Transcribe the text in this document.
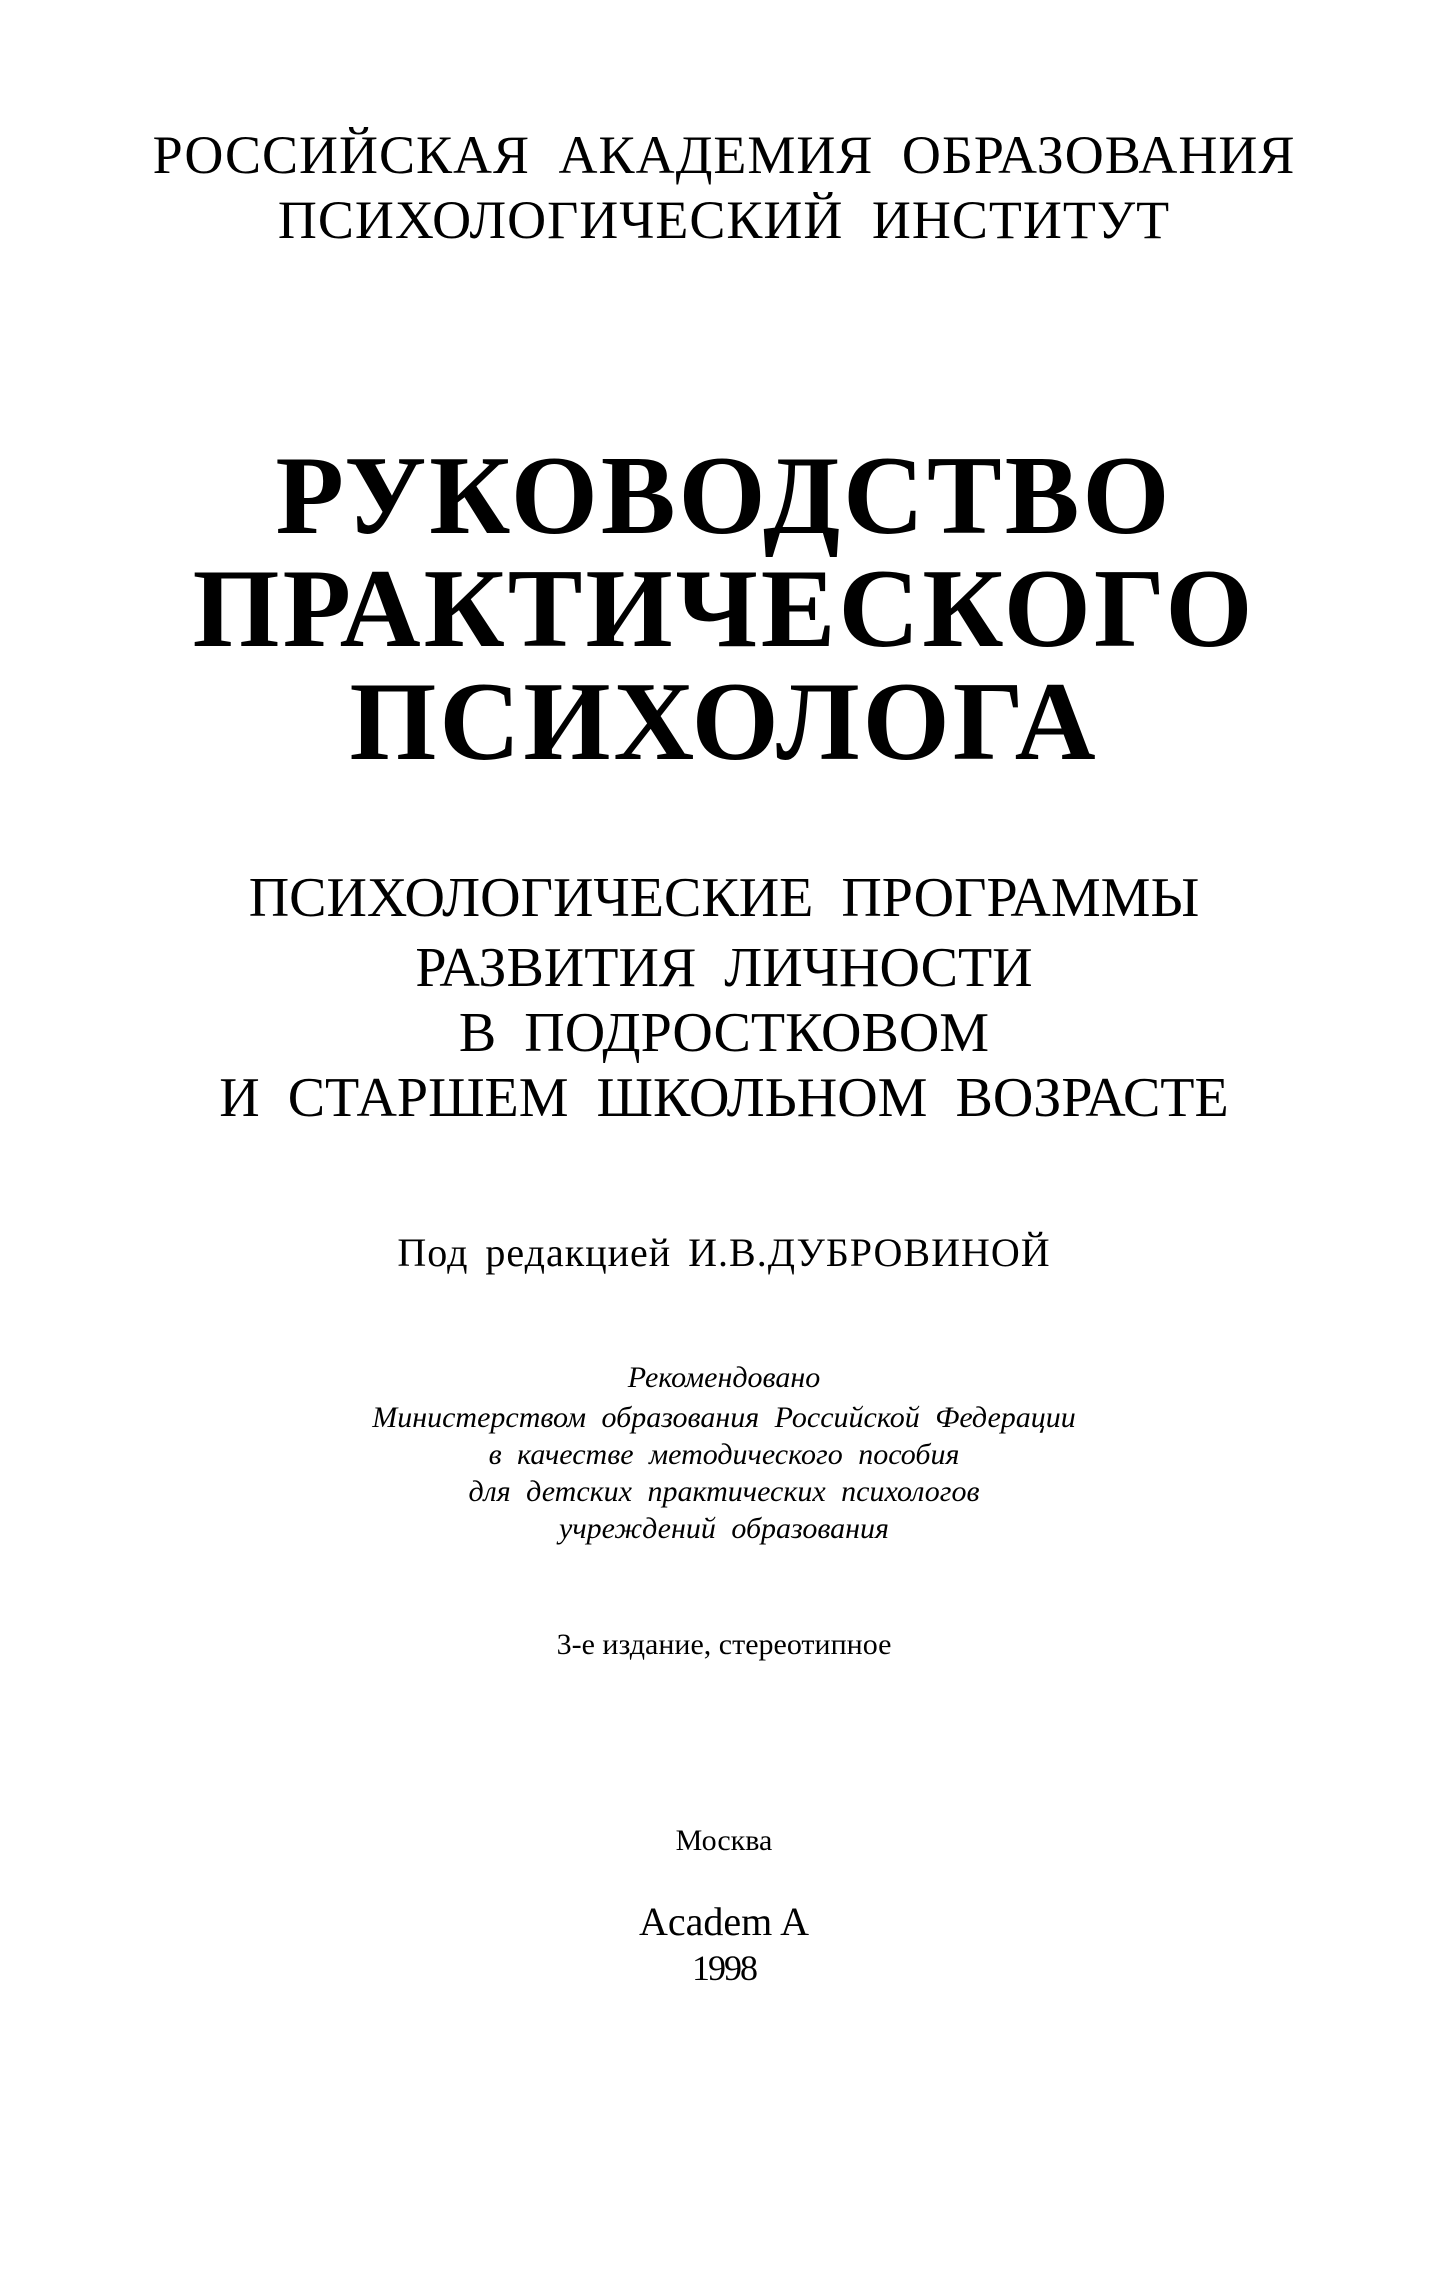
РОССИЙСКАЯ АКАДЕМИЯ ОБРАЗОВАНИЯ
ПСИХОЛОГИЧЕСКИЙ ИНСТИТУТ
РУКОВОДСТВО
ПРАКТИЧЕСКОГО
ПСИХОЛОГА
ПСИХОЛОГИЧЕСКИЕ ПРОГРАММЫ
РАЗВИТИЯ ЛИЧНОСТИ
В ПОДРОСТКОВОМ
И СТАРШЕМ ШКОЛЬНОМ ВОЗРАСТЕ
Под редакцией И.В.ДУБРОВИНОЙ
Рекомендовано
Министерством образования Российской Федерации
в качестве методического пособия
для детских практических психологов
учреждений образования
3-е издание, стереотипное
Москва
Academ A
1998
